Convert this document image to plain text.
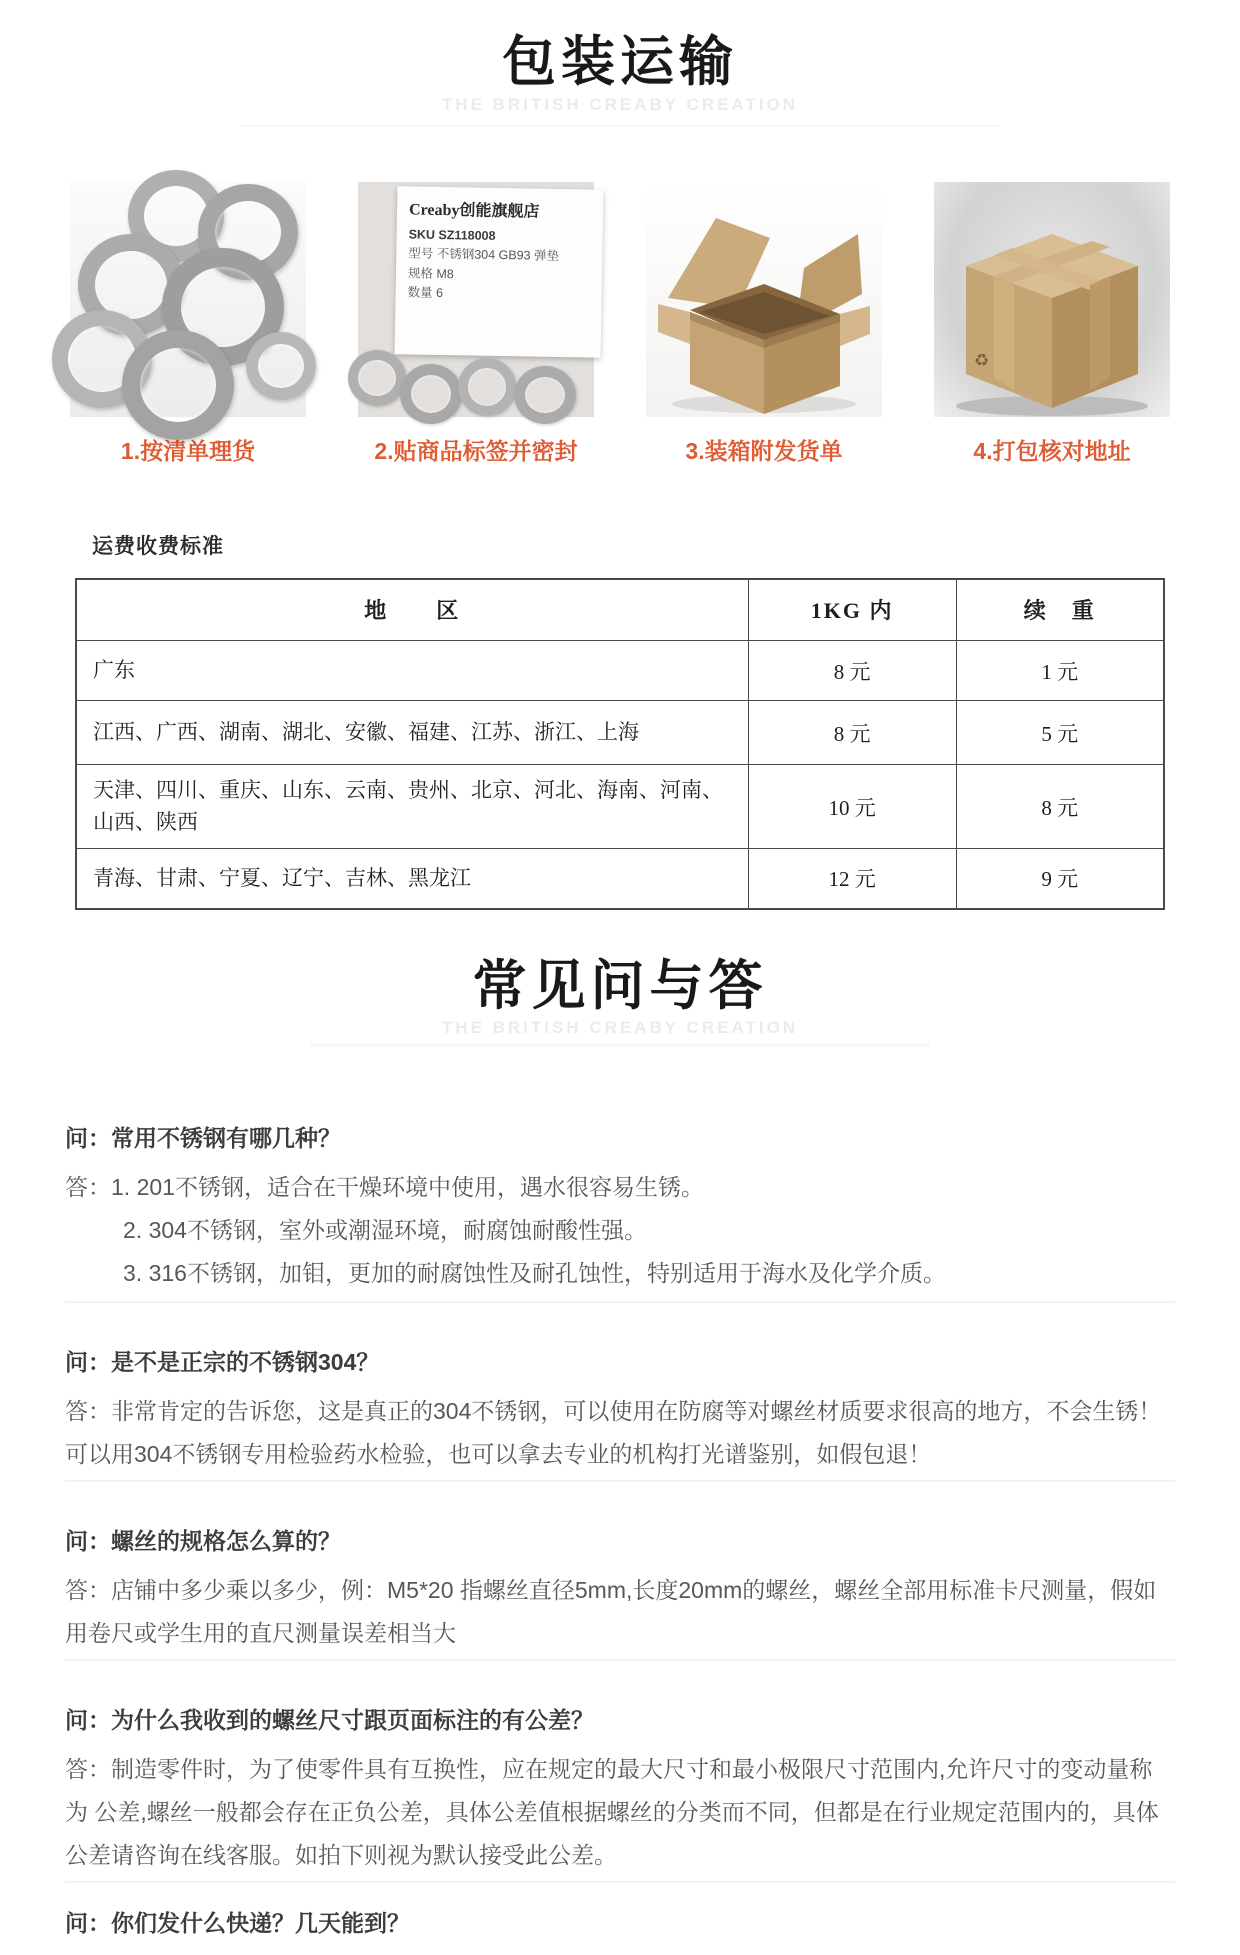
包装运输
THE BRITISH CREABY CREATION
1.按清单理货
Creaby创能旗舰店
SKU SZ118008
型号 不锈钢304 GB93 弹垫
规格 M8
数量 6
2.贴商品标签并密封	3.装箱附发货单
♻
4.打包核对地址
运费收费标准
地　　区	1KG 内	续　重
广东	8 元	1 元
江西、广西、湖南、湖北、安徽、福建、江苏、浙江、上海	8 元	5 元
天津、四川、重庆、山东、云南、贵州、北京、河北、海南、河南、山西、陕西	10 元	8 元
青海、甘肃、宁夏、辽宁、吉林、黑龙江	12 元	9 元
常见问与答
THE BRITISH CREABY CREATION
问：常用不锈钢有哪几种？
答：1. 201不锈钢，适合在干燥环境中使用，遇水很容易生锈。
2. 304不锈钢，室外或潮湿环境，耐腐蚀耐酸性强。
3. 316不锈钢，加钼，更加的耐腐蚀性及耐孔蚀性，特别适用于海水及化学介质。
问：是不是正宗的不锈钢304？
答：非常肯定的告诉您，这是真正的304不锈钢，可以使用在防腐等对螺丝材质要求很高的地方，不会生锈！可以用304不锈钢专用检验药水检验，也可以拿去专业的机构打光谱鉴别，如假包退！
问：螺丝的规格怎么算的？
答：店铺中多少乘以多少，例：M5*20 指螺丝直径5mm,长度20mm的螺丝，螺丝全部用标准卡尺测量，假如用卷尺或学生用的直尺测量误差相当大
问：为什么我收到的螺丝尺寸跟页面标注的有公差？
答：制造零件时，为了使零件具有互换性，应在规定的最大尺寸和最小极限尺寸范围内,允许尺寸的变动量称为 公差,螺丝一般都会存在正负公差，具体公差值根据螺丝的分类而不同，但都是在行业规定范围内的，具体公差请咨询在线客服。如拍下则视为默认接受此公差。
问：你们发什么快递？几天能到？
